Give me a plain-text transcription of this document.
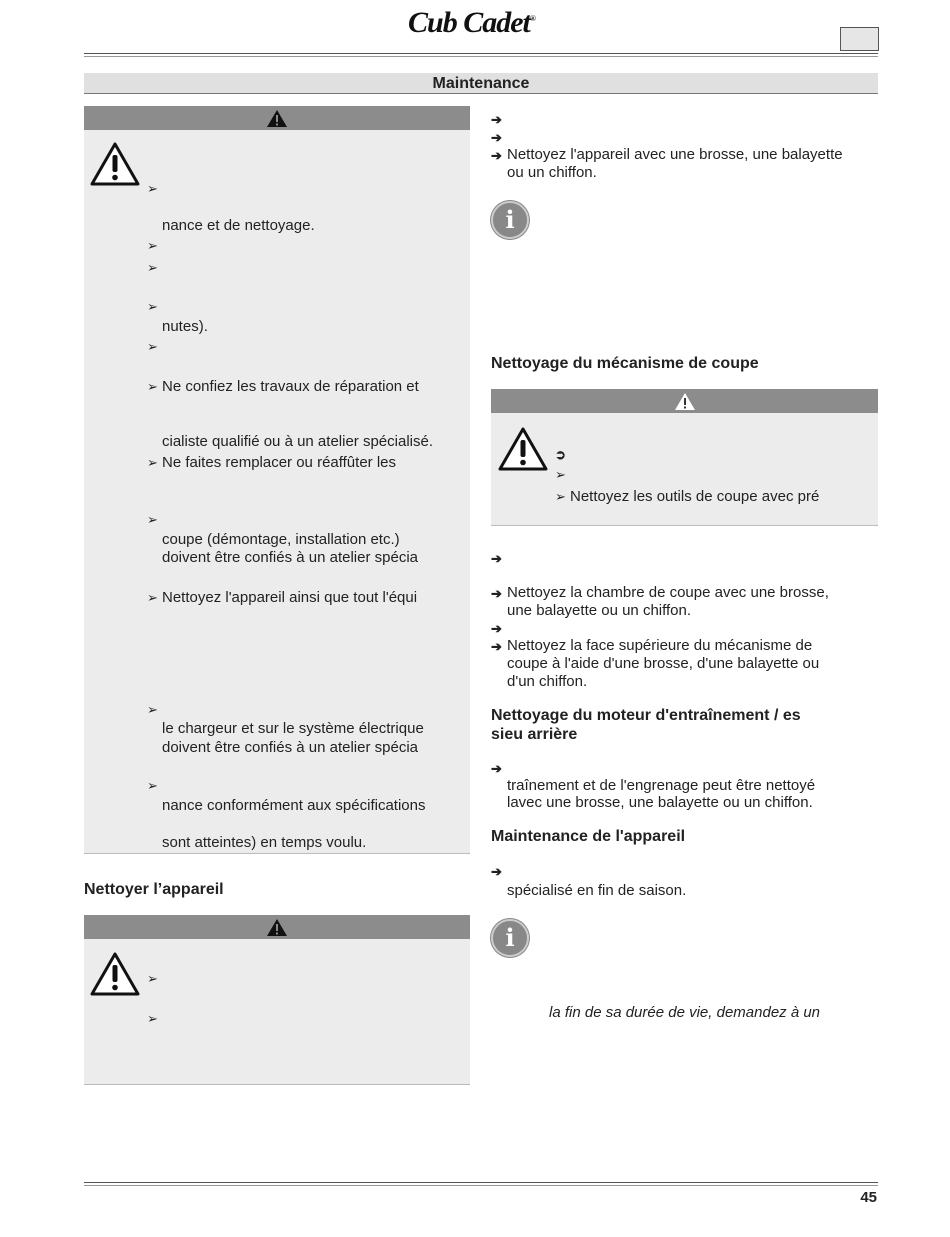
Cub Cadet®
Maintenance
➢
nance et de nettoyage.
➢
➢
➢
nutes).
➢
➢ Ne confiez les travaux de réparation et
cialiste qualifié ou à un atelier spécialisé.
➢ Ne faites remplacer ou réaffûter les
➢
coupe (démontage, installation etc.)
doivent être confiés à un atelier spécia
➢ Nettoyez l'appareil ainsi que tout l'équi
➢
le chargeur et sur le système électrique
doivent être confiés à un atelier spécia
➢
nance conformément aux spécifications
sont atteintes) en temps voulu.
Nettoyer l’appareil
➢
➢
➔
➔
➔ Nettoyez l'appareil avec une brosse, une balayette
ou un chiffon.
i
Nettoyage du mécanisme de coupe
➲
➢
➢ Nettoyez les outils de coupe avec pré
➔
➔ Nettoyez la chambre de coupe avec une brosse,
une balayette ou un chiffon.
➔
➔ Nettoyez la face supérieure du mécanisme de
coupe à l'aide d'une brosse, d'une balayette ou
d'un chiffon.
Nettoyage du moteur d'entraînement / es
sieu arrière
➔
traînement et de l'engrenage peut être nettoyé
lavec une brosse, une balayette ou un chiffon.
Maintenance de l'appareil
➔
spécialisé en fin de saison.
i
la fin de sa durée de vie, demandez à un
45
